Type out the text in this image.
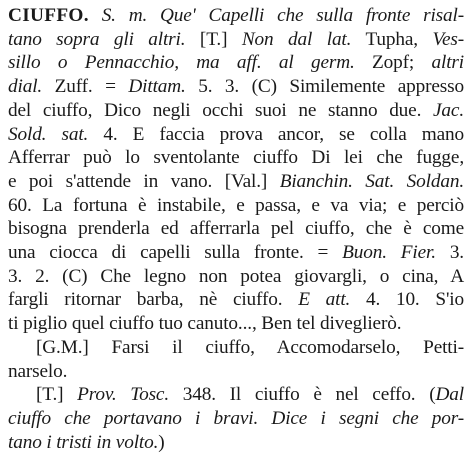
CIUFFO. S. m. Que' Capelli che sulla fronte risal-
tano sopra gli altri. [T.] Non dal lat. Tupha, Ves-
sillo o Pennacchio, ma aff. al germ. Zopf; altri
dial. Zuff. = Dittam. 5. 3. (C) Similemente appresso
del ciuffo, Dico negli occhi suoi ne stanno due. Jac.
Sold. sat. 4. E faccia prova ancor, se colla mano
Afferrar può lo sventolante ciuffo Di lei che fugge,
e poi s'attende in vano. [Val.] Bianchin. Sat. Soldan.
60. La fortuna è instabile, e passa, e va via; e perciò
bisogna prenderla ed afferrarla pel ciuffo, che è come
una ciocca di capelli sulla fronte. = Buon. Fier. 3.
3. 2. (C) Che legno non potea giovargli, o cina, A
fargli ritornar barba, nè ciuffo. E att. 4. 10. S'io
ti piglio quel ciuffo tuo canuto..., Ben tel diveglierò.
[G.M.] Farsi il ciuffo, Accomodarselo, Petti-
narselo.
[T.] Prov. Tosc. 348. Il ciuffo è nel ceffo. (Dal
ciuffo che portavano i bravi. Dice i segni che por-
tano i tristi in volto.)
